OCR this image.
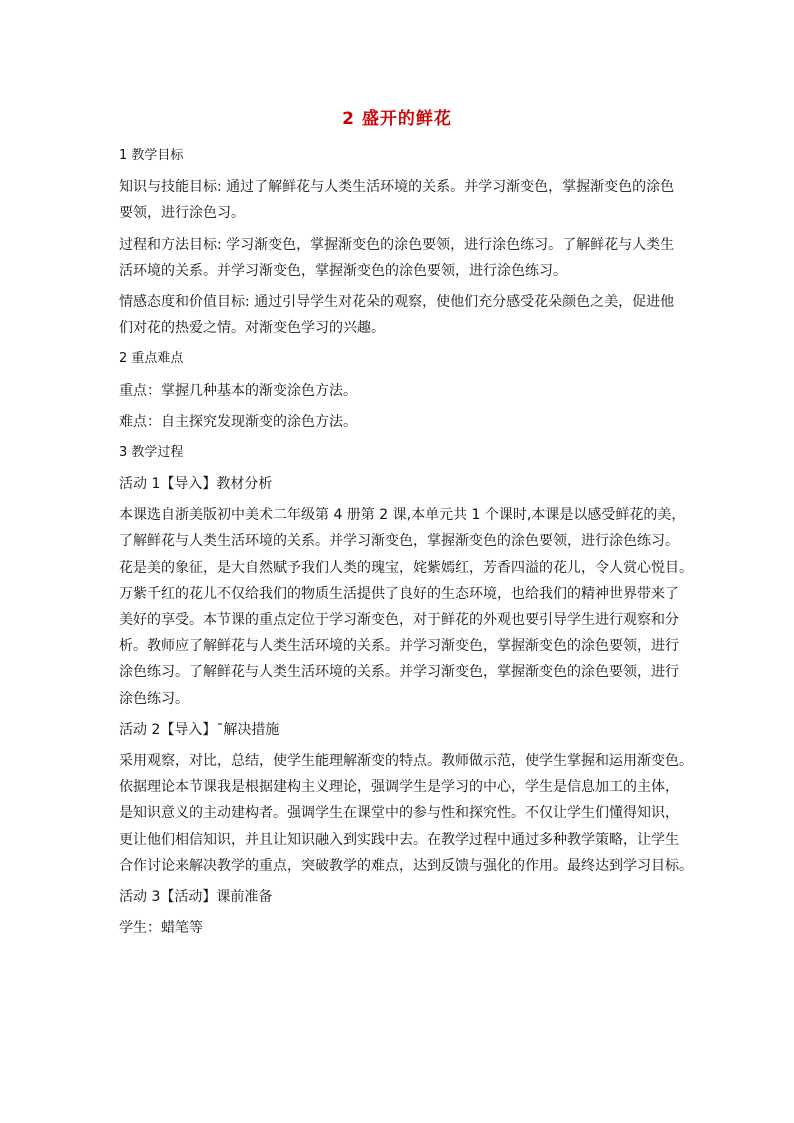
2 盛开的鲜花
1 教学目标
知识与技能目标: 通过了解鲜花与人类生活环境的关系。并学习渐变色，掌握渐变色的涂色
要领，进行涂色习。
过程和方法目标: 学习渐变色，掌握渐变色的涂色要领，进行涂色练习。了解鲜花与人类生
活环境的关系。并学习渐变色，掌握渐变色的涂色要领，进行涂色练习。
情感态度和价值目标: 通过引导学生对花朵的观察，使他们充分感受花朵颜色之美，促进他
们对花的热爱之情。对渐变色学习的兴趣。
2 重点难点
重点：掌握几种基本的渐变涂色方法。
难点：自主探究发现渐变的涂色方法。
3 教学过程
活动 1【导入】教材分析
本课选自浙美版初中美术二年级第 4 册第 2 课,本单元共 1 个课时,本课是以感受鲜花的美，
了解鲜花与人类生活环境的关系。并学习渐变色，掌握渐变色的涂色要领，进行涂色练习。
花是美的象征，是大自然赋予我们人类的瑰宝，姹紫嫣红，芳香四溢的花儿，令人赏心悦目。
万紫千红的花儿不仅给我们的物质生活提供了良好的生态环境，也给我们的精神世界带来了
美好的享受。本节课的重点定位于学习渐变色，对于鲜花的外观也要引导学生进行观察和分
析。教师应了解鲜花与人类生活环境的关系。并学习渐变色，掌握渐变色的涂色要领，进行
涂色练习。了解鲜花与人类生活环境的关系。并学习渐变色，掌握渐变色的涂色要领，进行
涂色练习。
活动 2【导入】¯解决措施
采用观察，对比，总结，使学生能理解渐变的特点。教师做示范，使学生掌握和运用渐变色。
依据理论本节课我是根据建构主义理论，强调学生是学习的中心，学生是信息加工的主体，
是知识意义的主动建构者。强调学生在课堂中的参与性和探究性。不仅让学生们懂得知识，
更让他们相信知识，并且让知识融入到实践中去。在教学过程中通过多种教学策略，让学生
合作讨论来解决教学的重点，突破教学的难点，达到反馈与强化的作用。最终达到学习目标。
活动 3【活动】课前准备
学生：蜡笔等
